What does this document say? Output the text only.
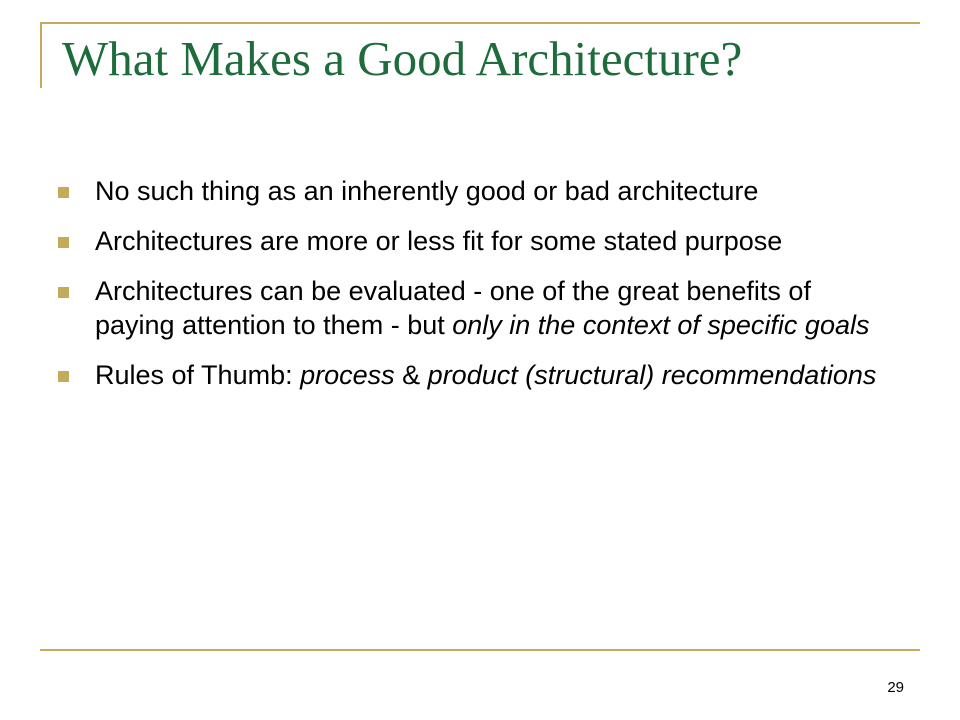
What Makes a Good Architecture?
No such thing as an inherently good or bad architecture
Architectures are more or less fit for some stated purpose
Architectures can be evaluated - one of the great benefits of paying attention to them - but only in the context of specific goals
Rules of Thumb: process & product (structural) recommendations
29
